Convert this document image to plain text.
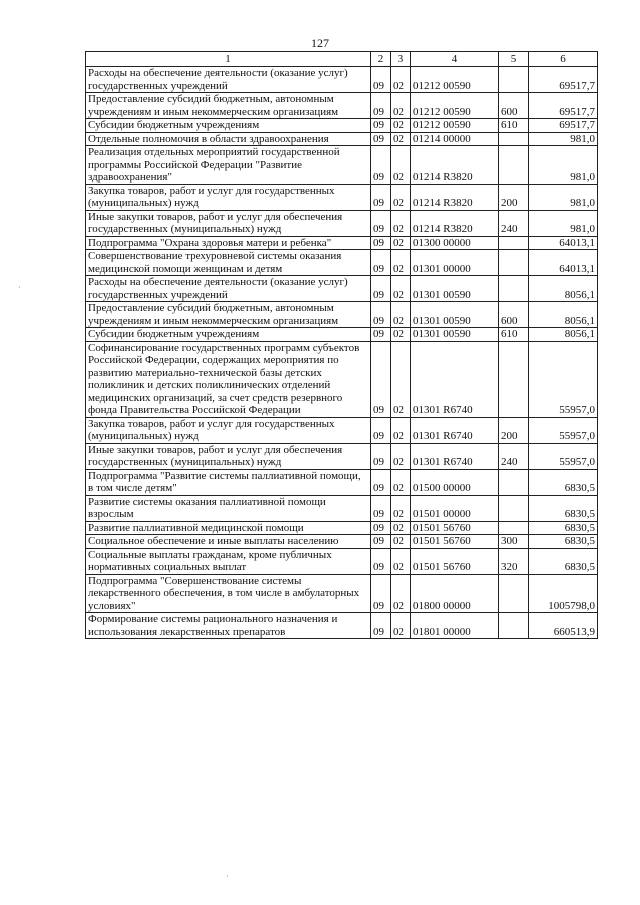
127
1	2	3	4	5	6
Расходы на обеспечение деятельности (оказание услуг) государственных учреждений	09	02	01212 00590		69517,7
Предоставление субсидий бюджетным, автономным учреждениям и иным некоммерческим организациям	09	02	01212 00590	600	69517,7
Субсидии бюджетным учреждениям	09	02	01212 00590	610	69517,7
Отдельные полномочия в области здравоохранения	09	02	01214 00000		981,0
Реализация отдельных мероприятий государственной программы Российской Федерации "Развитие здравоохранения"	09	02	01214 R3820		981,0
Закупка товаров, работ и услуг для государственных (муниципальных) нужд	09	02	01214 R3820	200	981,0
Иные закупки товаров, работ и услуг для обеспечения государственных (муниципальных) нужд	09	02	01214 R3820	240	981,0
Подпрограмма "Охрана здоровья матери и ребенка"	09	02	01300 00000		64013,1
Совершенствование трехуровневой системы оказания медицинской помощи женщинам и детям	09	02	01301 00000		64013,1
Расходы на обеспечение деятельности (оказание услуг) государственных учреждений	09	02	01301 00590		8056,1
Предоставление субсидий бюджетным, автономным учреждениям и иным некоммерческим организациям	09	02	01301 00590	600	8056,1
Субсидии бюджетным учреждениям	09	02	01301 00590	610	8056,1
Софинансирование государственных программ субъектов Российской Федерации, содержащих мероприятия по развитию материально-технической базы детских поликлиник и детских поликлинических отделений медицинских организаций, за счет средств резервного фонда Правительства Российской Федерации	09	02	01301 R6740		55957,0
Закупка товаров, работ и услуг для государственных (муниципальных) нужд	09	02	01301 R6740	200	55957,0
Иные закупки товаров, работ и услуг для обеспечения государственных (муниципальных) нужд	09	02	01301 R6740	240	55957,0
Подпрограмма "Развитие системы паллиативной помощи, в том числе детям"	09	02	01500 00000		6830,5
Развитие системы оказания паллиативной помощи взрослым	09	02	01501 00000		6830,5
Развитие паллиативной медицинской помощи	09	02	01501 56760		6830,5
Социальное обеспечение и иные выплаты населению	09	02	01501 56760	300	6830,5
Социальные выплаты гражданам, кроме публичных нормативных социальных выплат	09	02	01501 56760	320	6830,5
Подпрограмма "Совершенствование системы лекарственного обеспечения, в том числе в амбулаторных условиях"	09	02	01800 00000		1005798,0
Формирование системы рационального назначения и использования лекарственных препаратов	09	02	01801 00000		660513,9
·
·
